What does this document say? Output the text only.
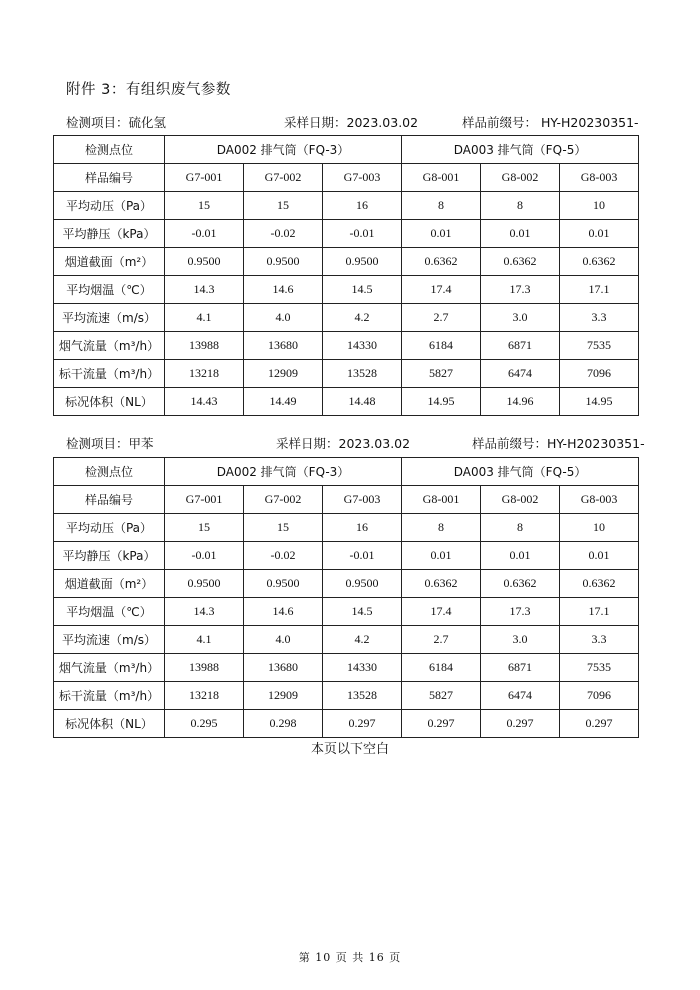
附件 3：有组织废气参数
检测项目：硫化氢	采样日期：2023.03.02	样品前缀号： HY-H20230351-
检测点位	DA002 排气筒（FQ-3）			DA003 排气筒（FQ-5）		
样品编号	G7-001	G7-002	G7-003	G8-001	G8-002	G8-003
平均动压（Pa）	15	15	16	8	8	10
平均静压（kPa）	-0.01	-0.02	-0.01	0.01	0.01	0.01
烟道截面（m²）	0.9500	0.9500	0.9500	0.6362	0.6362	0.6362
平均烟温（℃）	14.3	14.6	14.5	17.4	17.3	17.1
平均流速（m/s）	4.1	4.0	4.2	2.7	3.0	3.3
烟气流量（m³/h）	13988	13680	14330	6184	6871	7535
标干流量（m³/h）	13218	12909	13528	5827	6474	7096
标况体积（NL）	14.43	14.49	14.48	14.95	14.96	14.95
检测项目：甲苯	采样日期：2023.03.02	样品前缀号：HY-H20230351-
检测点位	DA002 排气筒（FQ-3）			DA003 排气筒（FQ-5）		
样品编号	G7-001	G7-002	G7-003	G8-001	G8-002	G8-003
平均动压（Pa）	15	15	16	8	8	10
平均静压（kPa）	-0.01	-0.02	-0.01	0.01	0.01	0.01
烟道截面（m²）	0.9500	0.9500	0.9500	0.6362	0.6362	0.6362
平均烟温（℃）	14.3	14.6	14.5	17.4	17.3	17.1
平均流速（m/s）	4.1	4.0	4.2	2.7	3.0	3.3
烟气流量（m³/h）	13988	13680	14330	6184	6871	7535
标干流量（m³/h）	13218	12909	13528	5827	6474	7096
标况体积（NL）	0.295	0.298	0.297	0.297	0.297	0.297
本页以下空白
第 10 页 共 16 页
